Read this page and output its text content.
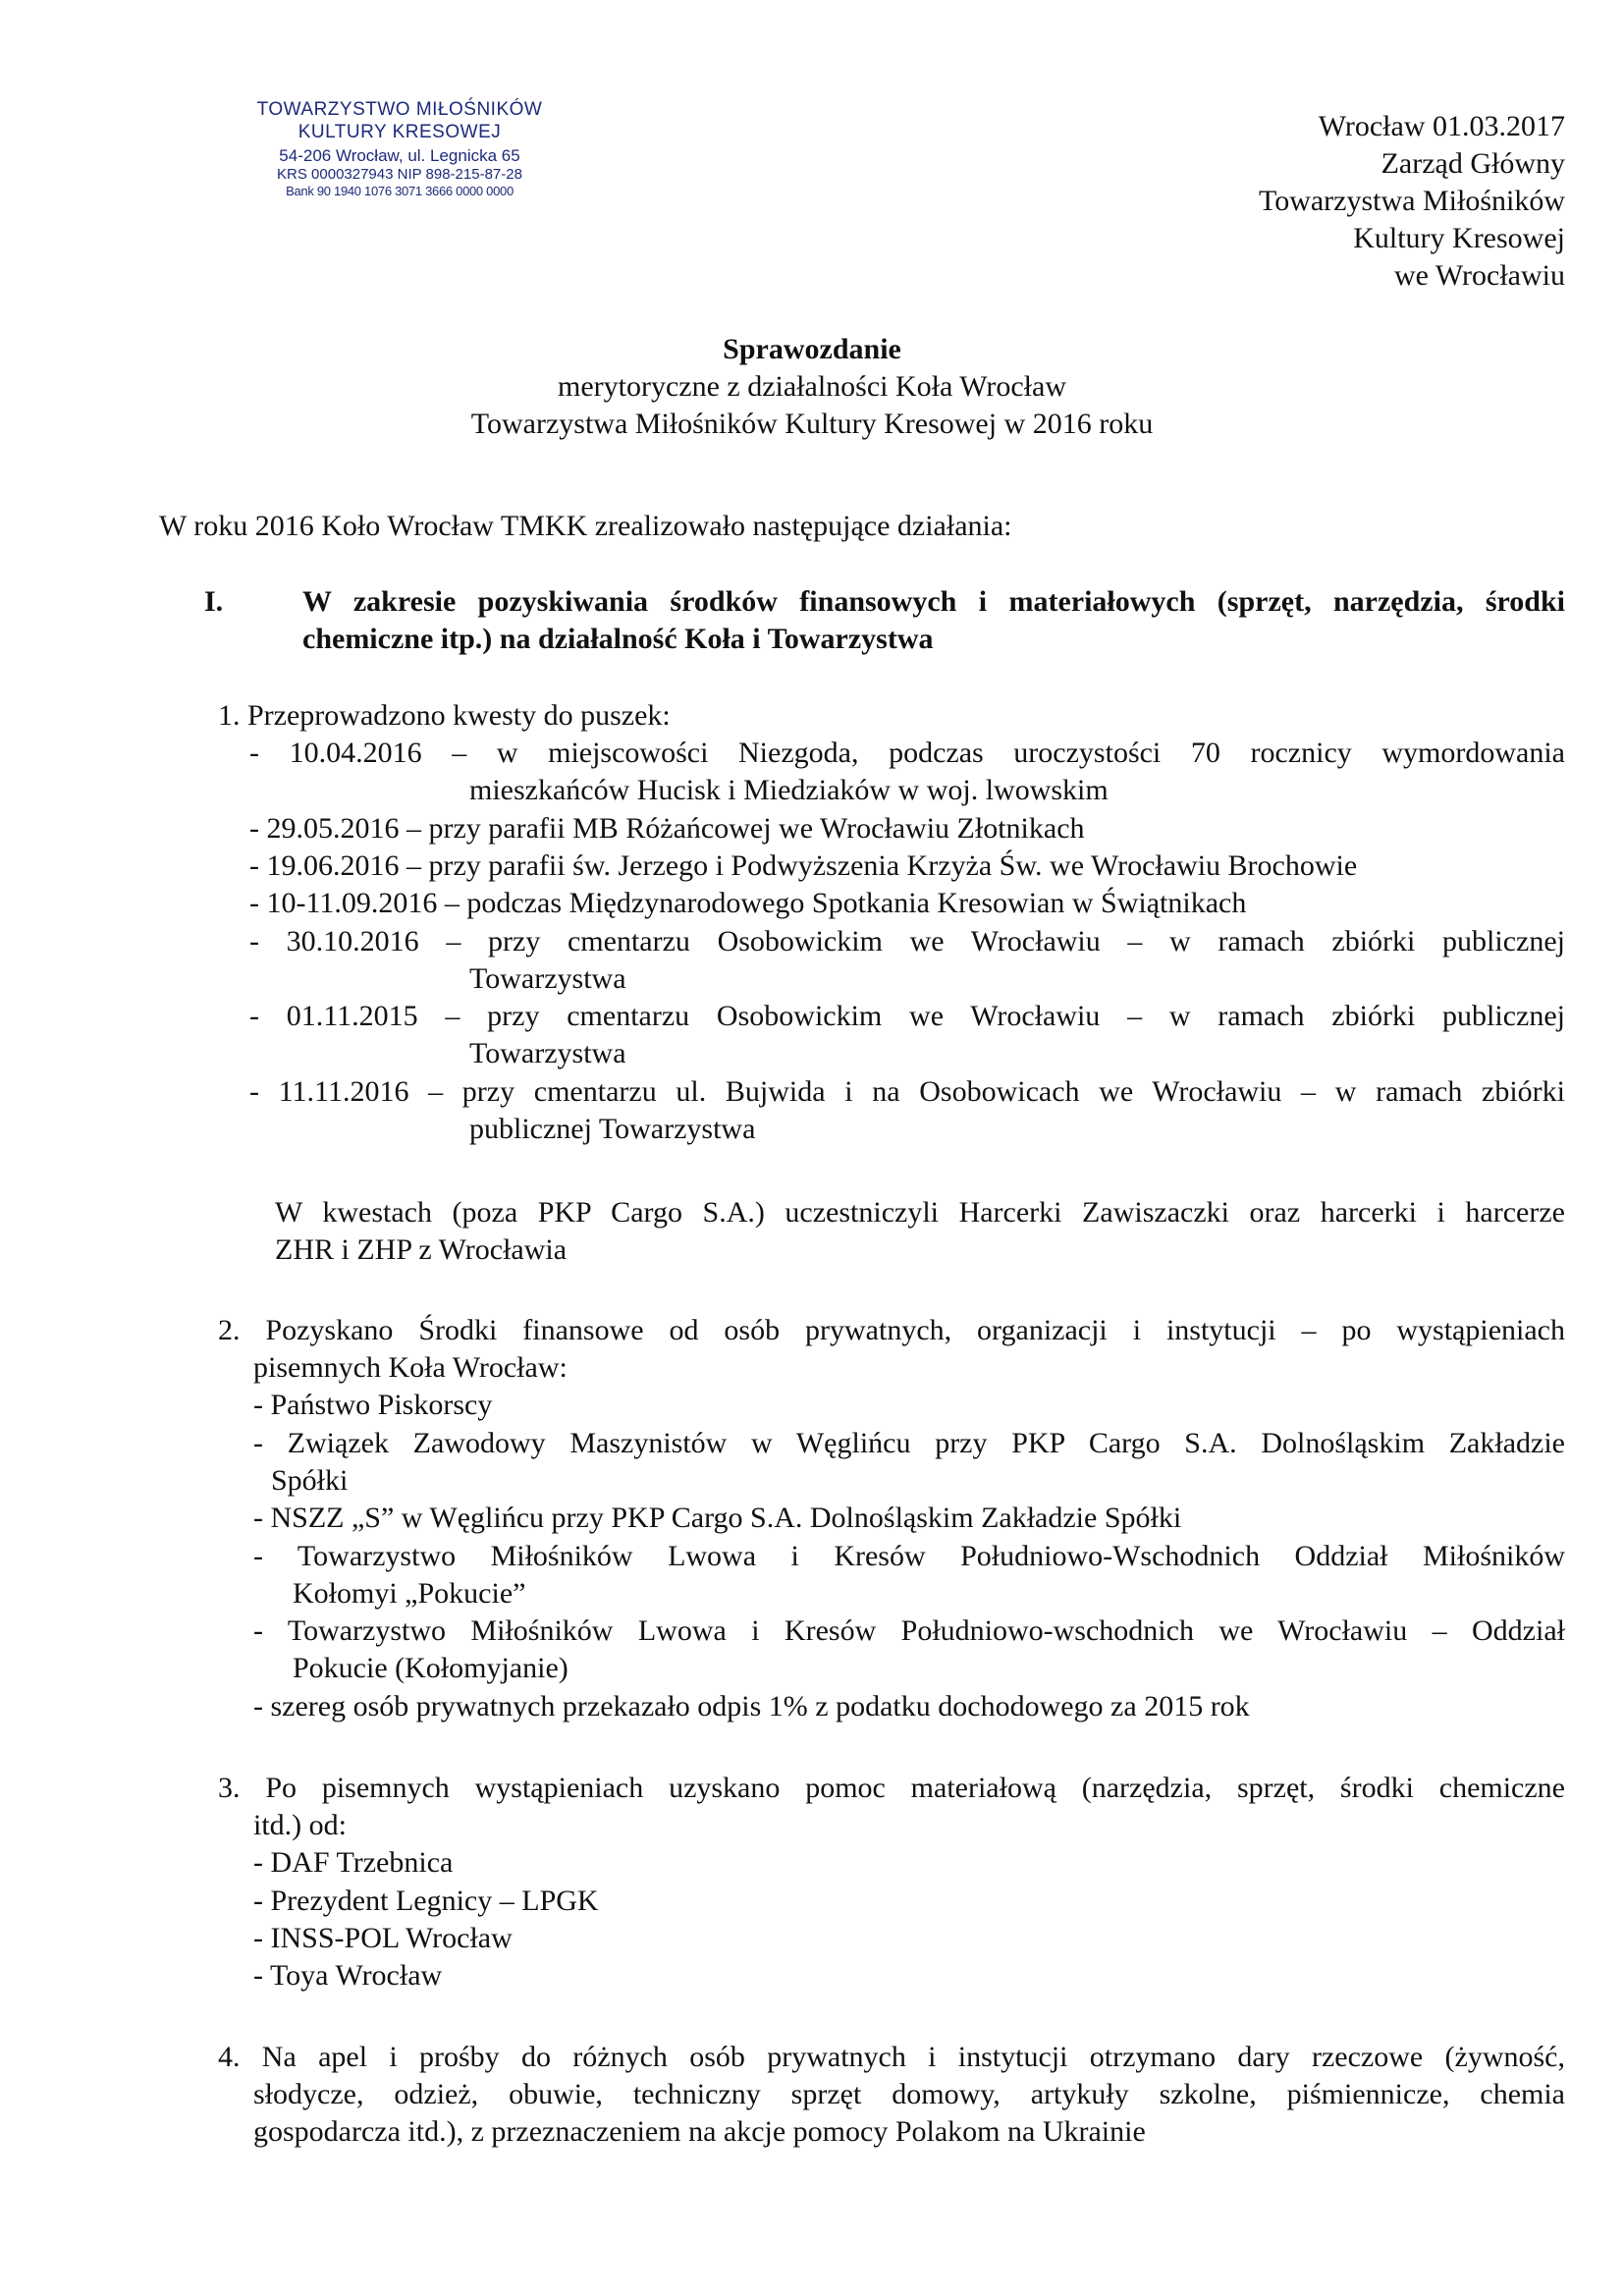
TOWARZYSTWO MIŁOŚNIKÓW
KULTURY KRESOWEJ
54-206 Wrocław, ul. Legnicka 65
KRS 0000327943 NIP 898-215-87-28
Bank 90 1940 1076 3071 3666 0000 0000
Wrocław 01.03.2017
Zarząd Główny
Towarzystwa Miłośników
Kultury Kresowej
we Wrocławiu
Sprawozdanie
merytoryczne z działalności Koła Wrocław
Towarzystwa Miłośników Kultury Kresowej w 2016 roku
W roku 2016 Koło Wrocław TMKK zrealizowało następujące działania:
I.	W zakresie pozyskiwania środków finansowych i materiałowych (sprzęt, narzędzia, środki chemiczne itp.) na działalność Koła i Towarzystwa
1. Przeprowadzono kwesty do puszek:
- 10.04.2016 – w miejscowości Niezgoda, podczas uroczystości 70 rocznicy wymordowania
mieszkańców Hucisk i Miedziaków w woj. lwowskim
- 29.05.2016 – przy parafii MB Różańcowej we Wrocławiu Złotnikach
- 19.06.2016 – przy parafii św. Jerzego i Podwyższenia Krzyża Św. we Wrocławiu Brochowie
- 10-11.09.2016 – podczas Międzynarodowego Spotkania Kresowian w Świątnikach
- 30.10.2016 – przy cmentarzu Osobowickim we Wrocławiu – w ramach zbiórki publicznej
Towarzystwa
- 01.11.2015 – przy cmentarzu Osobowickim we Wrocławiu – w ramach zbiórki publicznej
Towarzystwa
- 11.11.2016 – przy cmentarzu ul. Bujwida i na Osobowicach we Wrocławiu – w ramach zbiórki
publicznej Towarzystwa
W kwestach (poza PKP Cargo S.A.) uczestniczyli Harcerki Zawiszaczki oraz harcerki i harcerze
ZHR i ZHP z Wrocławia
2. Pozyskano Środki finansowe od osób prywatnych, organizacji i instytucji – po wystąpieniach
pisemnych Koła Wrocław:
- Państwo Piskorscy
- Związek Zawodowy Maszynistów w Węglińcu przy PKP Cargo S.A. Dolnośląskim Zakładzie
Spółki
- NSZZ „S” w Węglińcu przy PKP Cargo S.A. Dolnośląskim Zakładzie Spółki
- Towarzystwo Miłośników Lwowa i Kresów Południowo-Wschodnich Oddział Miłośników
Kołomyi „Pokucie”
- Towarzystwo Miłośników Lwowa i Kresów Południowo-wschodnich we Wrocławiu – Oddział
Pokucie (Kołomyjanie)
- szereg osób prywatnych przekazało odpis 1% z podatku dochodowego za 2015 rok
3. Po pisemnych wystąpieniach uzyskano pomoc materiałową (narzędzia, sprzęt, środki chemiczne
itd.) od:
- DAF Trzebnica
- Prezydent Legnicy – LPGK
- INSS-POL Wrocław
- Toya Wrocław
4. Na apel i prośby do różnych osób prywatnych i instytucji otrzymano dary rzeczowe (żywność,
słodycze, odzież, obuwie, techniczny sprzęt domowy, artykuły szkolne, piśmiennicze, chemia
gospodarcza itd.), z przeznaczeniem na akcje pomocy Polakom na Ukrainie
